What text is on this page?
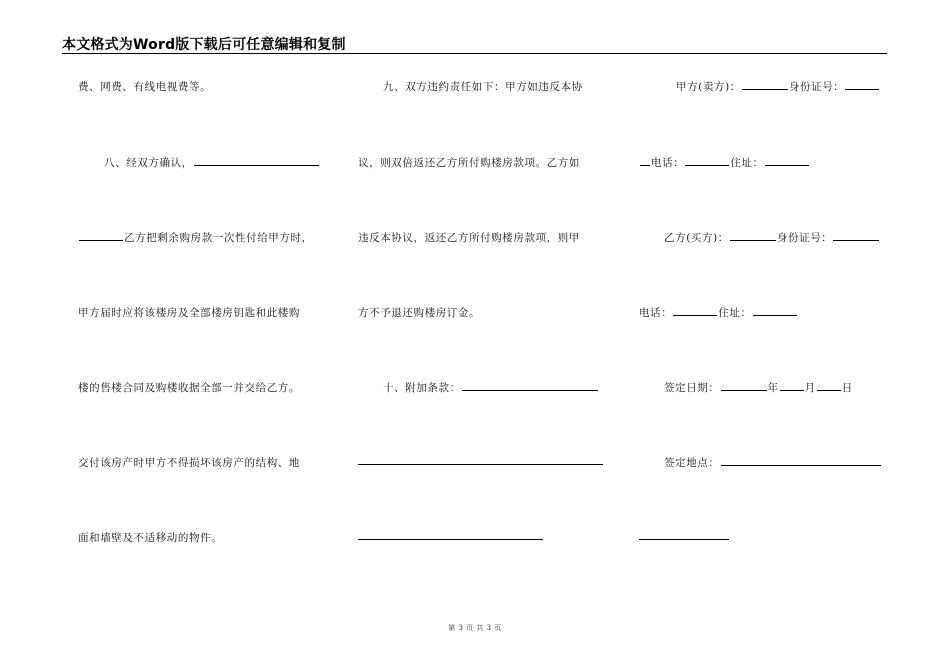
本文格式为Word版下载后可任意编辑和复制
费、网费、有线电视费等。
八、经双方确认，
乙方把剩余购房款一次性付给甲方时，
甲方届时应将该楼房及全部楼房钥匙和此楼购
楼的售楼合同及购楼收据全部一并交给乙方。
交付该房产时甲方不得损坏该房产的结构、地
面和墙壁及不适移动的物件。
九、双方违约责任如下：甲方如违反本协
议，则双倍返还乙方所付购楼房款项。乙方如
违反本协议，返还乙方所付购楼房款项，则甲
方不予退还购楼房订金。
十、附加条款：
甲方(卖方)：	身份证号：
电话：	住址：
乙方(买方)：	身份证号：
电话：	住址：
签定日期：	年 月 日
签定地点：
第 3 页 共 3 页
